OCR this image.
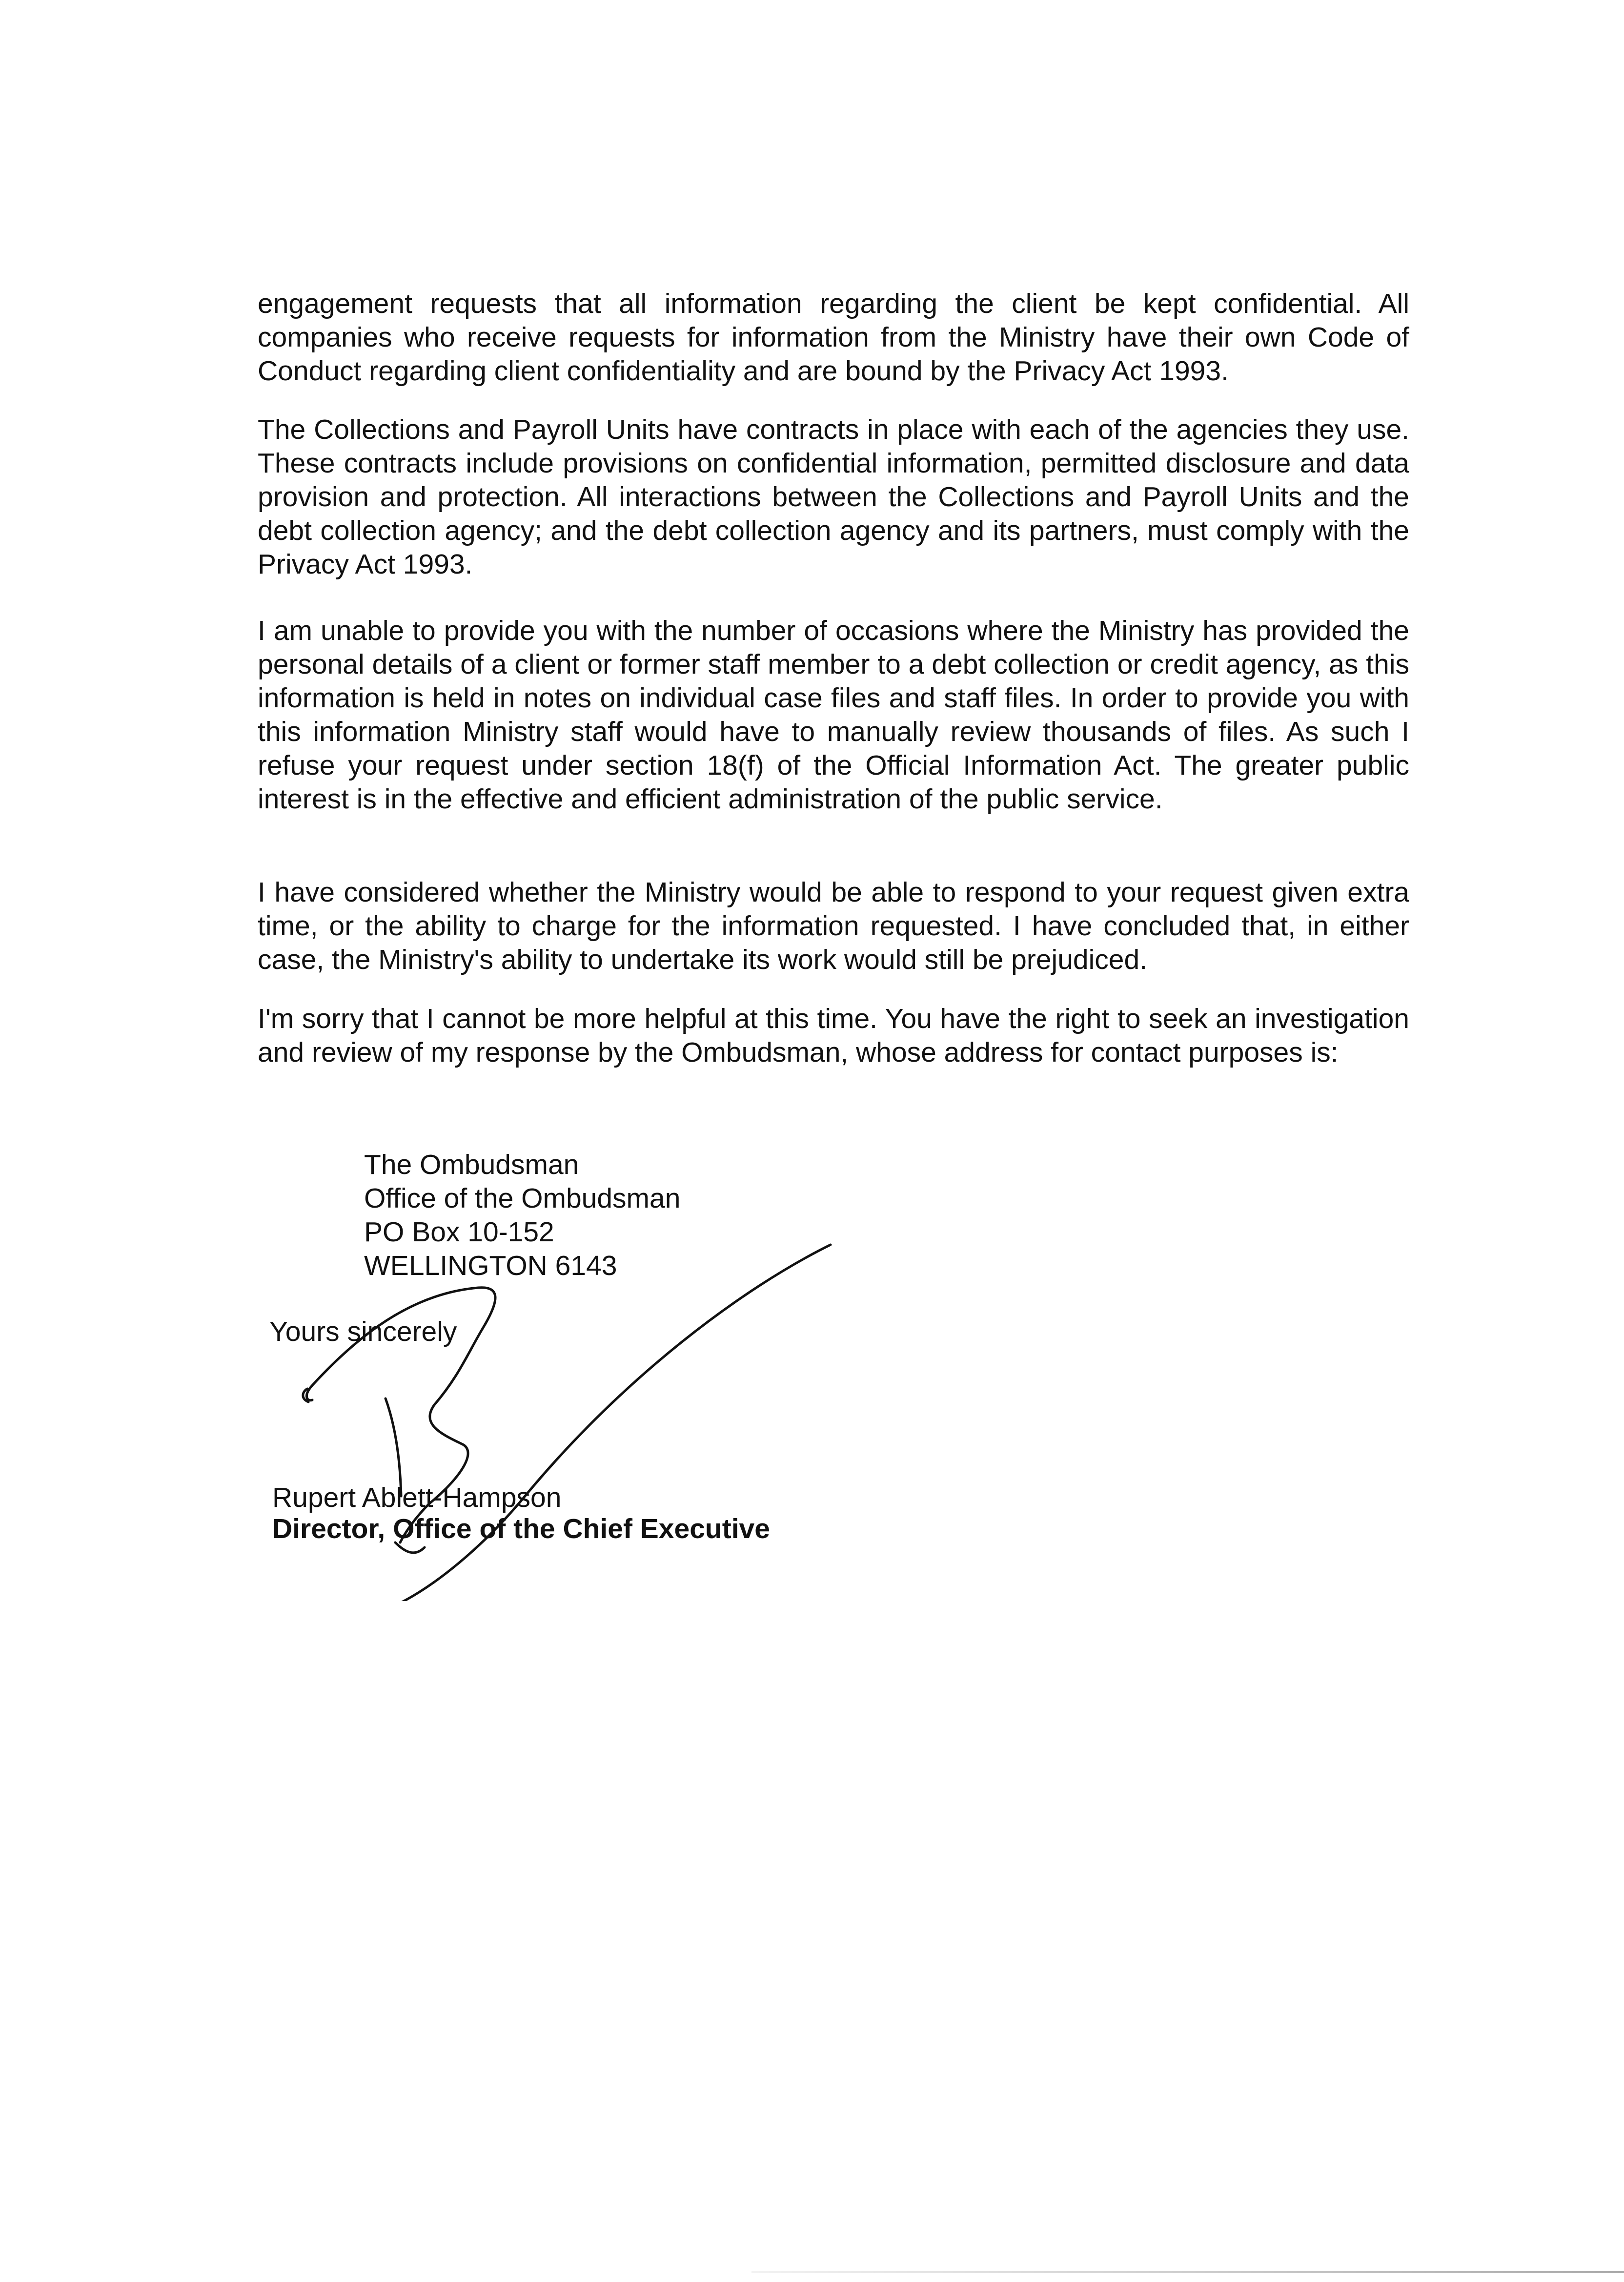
engagement requests that all information regarding the client be kept confidential. All companies who receive requests for information from the Ministry have their own Code of Conduct regarding client confidentiality and are bound by the Privacy Act 1993.

The Collections and Payroll Units have contracts in place with each of the agencies they use. These contracts include provisions on confidential information, permitted disclosure and data provision and protection. All interactions between the Collections and Payroll Units and the debt collection agency; and the debt collection agency and its partners, must comply with the Privacy Act 1993.

I am unable to provide you with the number of occasions where the Ministry has provided the personal details of a client or former staff member to a debt collection or credit agency, as this information is held in notes on individual case files and staff files. In order to provide you with this information Ministry staff would have to manually review thousands of files. As such I refuse your request under section 18(f) of the Official Information Act. The greater public interest is in the effective and efficient administration of the public service.

I have considered whether the Ministry would be able to respond to your request given extra time, or the ability to charge for the information requested. I have concluded that, in either case, the Ministry's ability to undertake its work would still be prejudiced.

I'm sorry that I cannot be more helpful at this time. You have the right to seek an investigation and review of my response by the Ombudsman, whose address for contact purposes is:

The Ombudsman
Office of the Ombudsman
PO Box 10-152
WELLINGTON 6143
Yours sincerely
Rupert Ablett-Hampson
Director, Office of the Chief Executive
